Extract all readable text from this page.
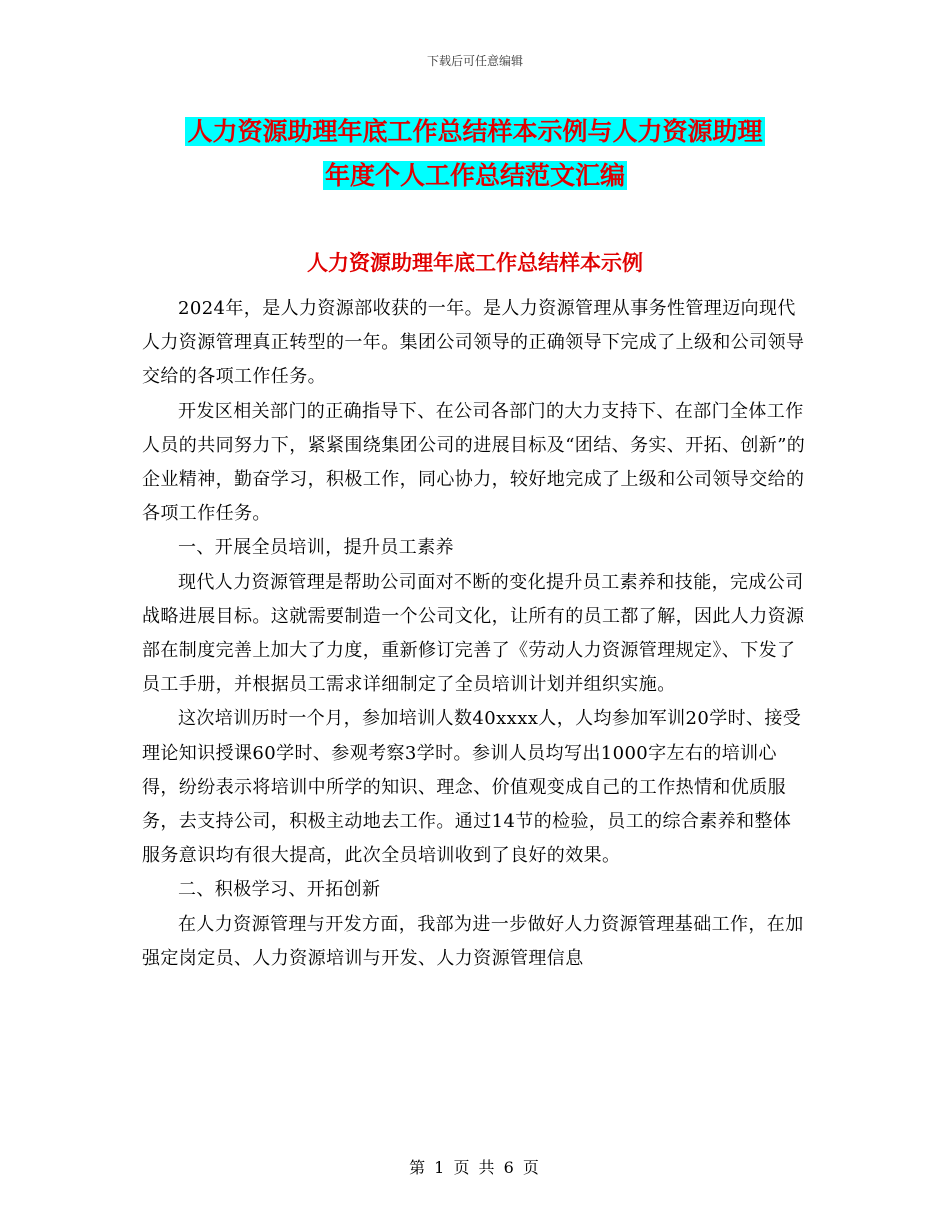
下载后可任意编辑
人力资源助理年底工作总结样本示例与人力资源助理
年度个人工作总结范文汇编
人力资源助理年底工作总结样本示例

2024年，是人力资源部收获的一年。是人力资源管理从事务性管理迈向现代人力资源管理真正转型的一年。集团公司领导的正确领导下完成了上级和公司领导交给的各项工作任务。

开发区相关部门的正确指导下、在公司各部门的大力支持下、在部门全体工作人员的共同努力下，紧紧围绕集团公司的进展目标及“团结、务实、开拓、创新”的企业精神，勤奋学习，积极工作，同心协力，较好地完成了上级和公司领导交给的各项工作任务。

一、开展全员培训，提升员工素养

现代人力资源管理是帮助公司面对不断的变化提升员工素养和技能，完成公司战略进展目标。这就需要制造一个公司文化，让所有的员工都了解，因此人力资源部在制度完善上加大了力度，重新修订完善了《劳动人力资源管理规定》、下发了员工手册，并根据员工需求详细制定了全员培训计划并组织实施。

这次培训历时一个月，参加培训人数40xxxx人，人均参加军训20学时、接受理论知识授课60学时、参观考察3学时。参训人员均写出1000字左右的培训心得，纷纷表示将培训中所学的知识、理念、价值观变成自己的工作热情和优质服务，去支持公司，积极主动地去工作。通过14节的检验，员工的综合素养和整体服务意识均有很大提高，此次全员培训收到了良好的效果。

二、积极学习、开拓创新

在人力资源管理与开发方面，我部为进一步做好人力资源管理基础工作，在加强定岗定员、人力资源培训与开发、人力资源管理信息

第 1 页 共 6 页
